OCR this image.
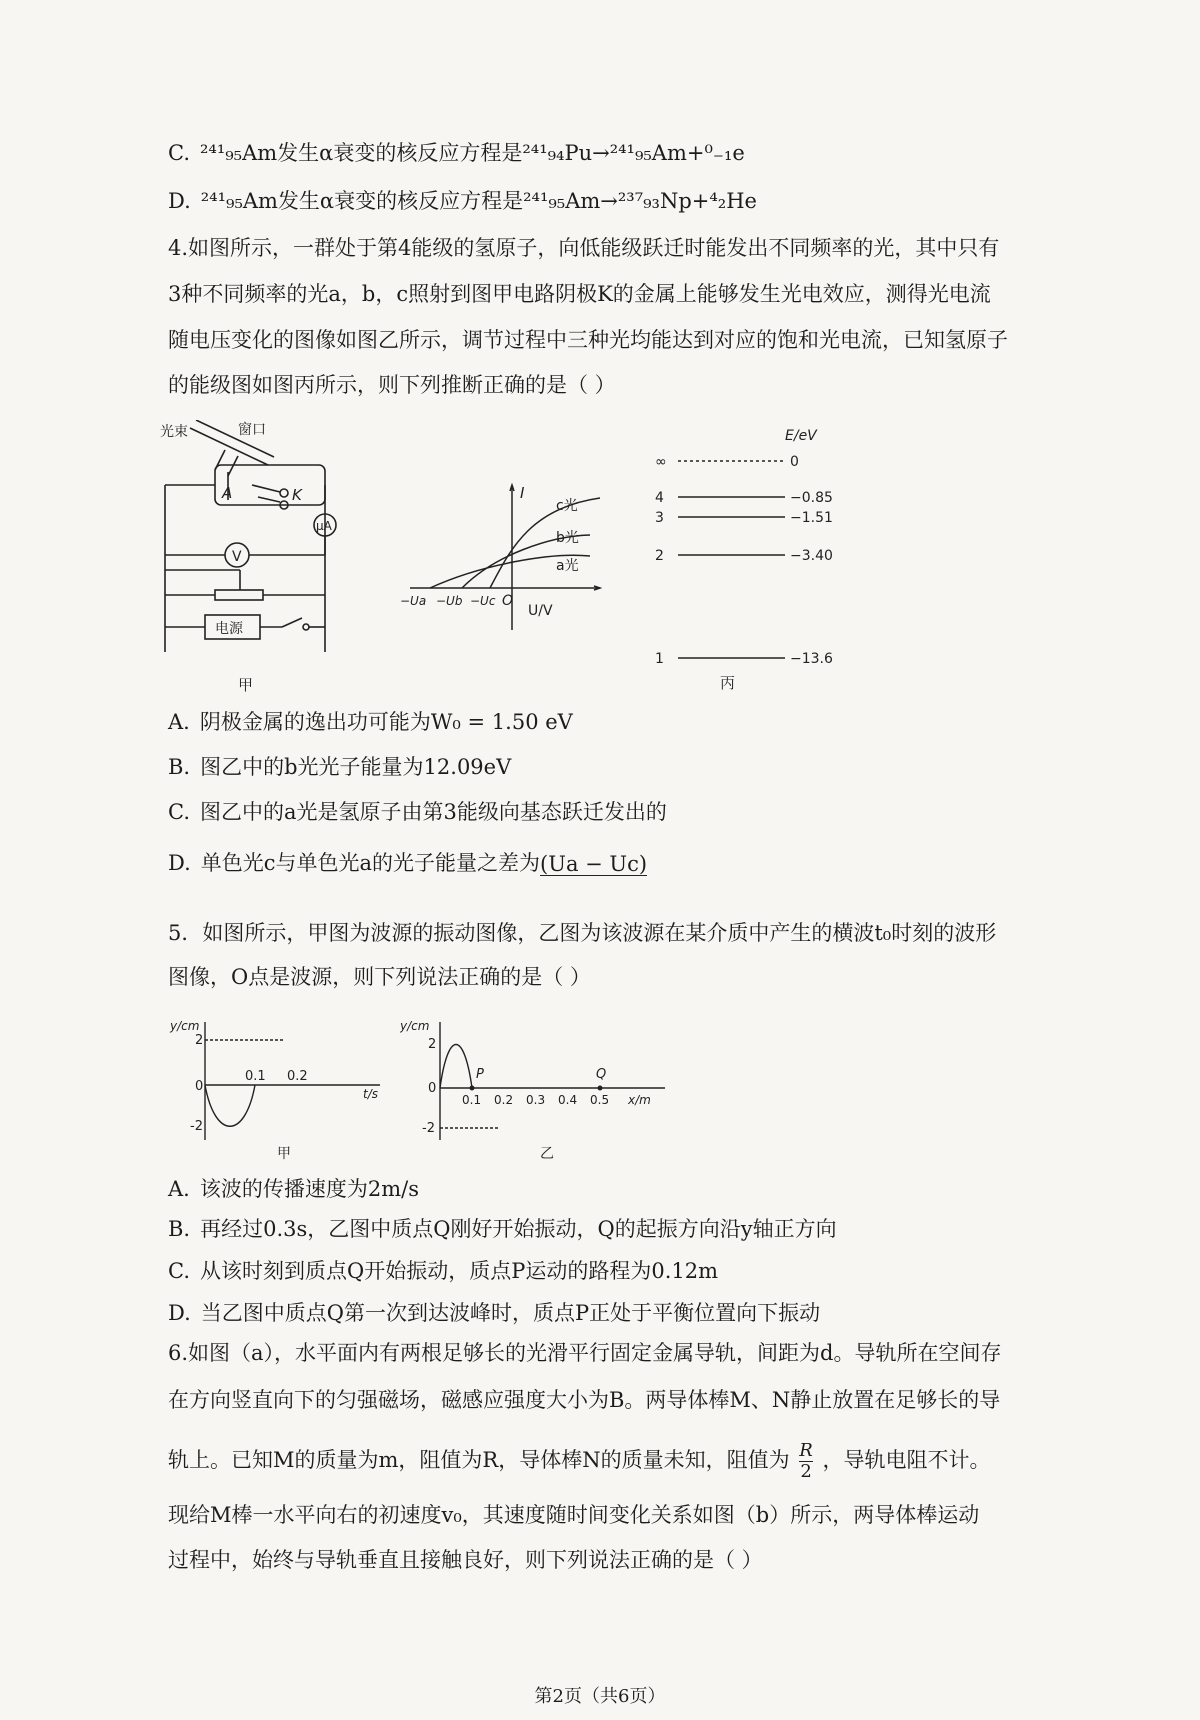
C. ²⁴¹₉₅Am发生α衰变的核反应方程是²⁴¹₉₄Pu→²⁴¹₉₅Am+⁰₋₁e
D. ²⁴¹₉₅Am发生α衰变的核反应方程是²⁴¹₉₅Am→²³⁷₉₃Np+⁴₂He
4.如图所示，一群处于第4能级的氢原子，向低能级跃迁时能发出不同频率的光，其中只有
3种不同频率的光a，b，c照射到图甲电路阴极K的金属上能够发生光电效应，测得光电流
随电压变化的图像如图乙所示，调节过程中三种光均能达到对应的饱和光电流，已知氢原子
的能级图如图丙所示，则下列推断正确的是（ ）
光束	窗口
A	K
μA
V
电源
甲
I
U/V
O
c光
b光
a光
−Ua −Ub −Uc
E/eV
∞	0
4	−0.85
3	−1.51
2	−3.40
1	−13.6
丙
A. 阴极金属的逸出功可能为W₀ = 1.50 eV
B. 图乙中的b光光子能量为12.09eV
C. 图乙中的a光是氢原子由第3能级向基态跃迁发出的
D. 单色光c与单色光a的光子能量之差为(Ua − Uc)
5．如图所示，甲图为波源的振动图像，乙图为该波源在某介质中产生的横波t₀时刻的波形
图像，O点是波源，则下列说法正确的是（ ）
y/cm
2
0
-2
0.1 0.2
t/s
甲
y/cm
2
0
-2
P	Q
0.1 0.2 0.3 0.4 0.5 x/m
乙
A. 该波的传播速度为2m/s
B. 再经过0.3s，乙图中质点Q刚好开始振动，Q的起振方向沿y轴正方向
C. 从该时刻到质点Q开始振动，质点P运动的路程为0.12m
D. 当乙图中质点Q第一次到达波峰时，质点P正处于平衡位置向下振动
6.如图（a），水平面内有两根足够长的光滑平行固定金属导轨，间距为d。导轨所在空间存
在方向竖直向下的匀强磁场，磁感应强度大小为B。两导体棒M、N静止放置在足够长的导
轨上。已知M的质量为m，阻值为R，导体棒N的质量未知，阻值为 $\frac{R}{2}$ ，导轨电阻不计。
现给M棒一水平向右的初速度v₀，其速度随时间变化关系如图（b）所示，两导体棒运动
过程中，始终与导轨垂直且接触良好，则下列说法正确的是（ ）
第2页（共6页）
